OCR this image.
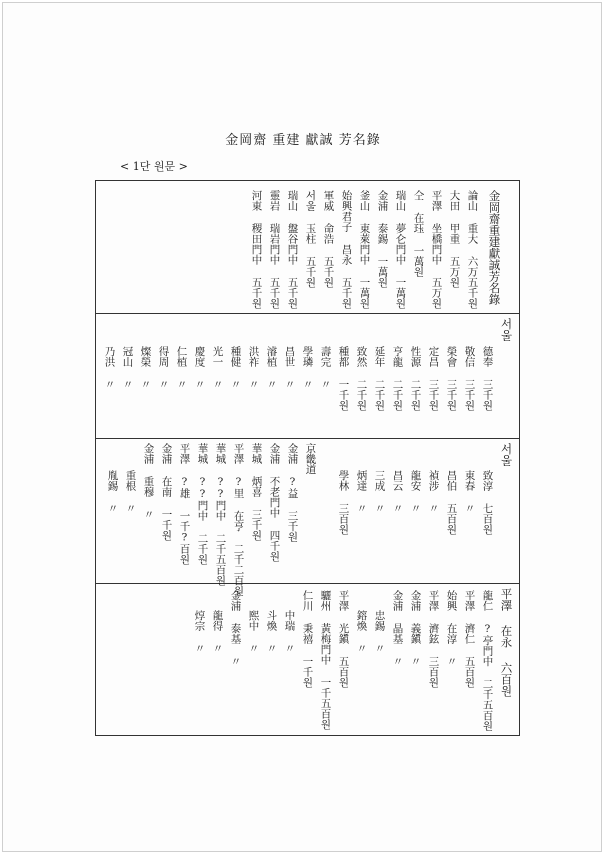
金岡齋 重建 獻誠 芳名錄
< 1단 원문 >
金岡齋重建獻誠芳名錄
論山 重大 六万五千원
大田 甲重 五万원
平澤 坐橋門中 五万원
仝 在珏 一萬원
瑞山 夢仑門中 一萬원
金浦 泰錫 一萬원
釜山 東萊門中 一萬원
始興君子 昌永 五千원
軍威 命浩 五千원
서울 玉柱 五千원
瑞山 盤谷門中 五千원
靈岩 瑞岩門中 五千원
河東 稷田門中 五千원
서울
德奉 三千원
敬信 三千원
榮會 三千원
定昌 三千원
性源 二千원
亨龍 二千원
延年 二千원
致然 二千원
種都 一千원
壽完 〃
學璘 〃
昌世 〃
濬植 〃
洪祚 〃
種健 〃
光一 〃
慶度 〃
仁植 〃
得周 〃
燦榮 〃
冠山 〃
乃洪 〃
서울
致淳 七百원
東春 〃
昌伯 五百원
禎涉 〃
龍安 〃
昌云 〃
三成 〃
炳達 〃
學林 三百원
京畿道
金浦 ?益 三千원
金浦 不老門中 四千원
華城 炳喜 三千원
平澤 ?里 在亨 二千二百원
華城 ??門中 二千五百원
華城 ??門中 二千원
平澤 ?雄 一千?百원
金浦 在南 一千원
金浦 重穆 〃
重根 〃
胤錫 〃
平澤 在永 六百원
龍仁 ?亭門中 二千五百원
平澤 濟仁 五百원
始興 在淳 〃
平澤 濟鉉 三百원
金浦 義鎭 〃
金浦 晶基 〃
忠錫 〃
鎔煥 〃
平澤 光鎭 五百원
驪州 黃梅門中 一千五百원
仁川 秉禧 一千원
中瑞 〃
斗煥 〃
熙中 〃
金浦 泰基 〃
龍得 〃
焞宗 〃
